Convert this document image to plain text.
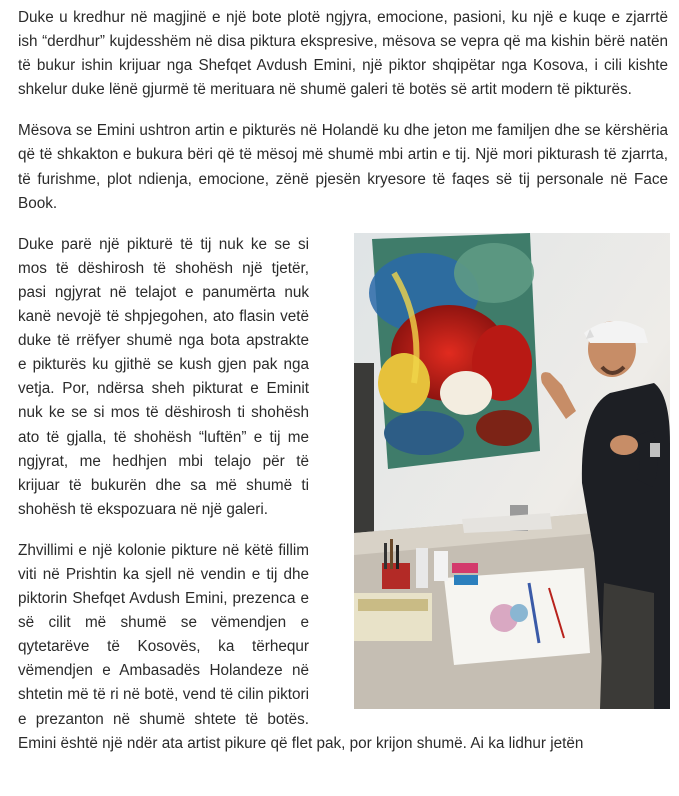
Duke u kredhur në magjinë e një bote plotë ngjyra, emocione, pasioni, ku një e kuqe e zjarrtë ish “derdhur” kujdesshëm në disa piktura ekspresive, mësova se vepra që ma kishin bërë natën të bukur ishin krijuar nga Shefqet Avdush Emini, një piktor shqipëtar nga Kosova, i cili kishte shkelur duke lënë gjurmë të merituara në shumë galeri të botës së artit modern të pikturës.

Mësova se Emini ushtron artin e pikturës në Holandë ku dhe jeton me familjen dhe se kërshëria që të shkakton e bukura bëri që të mësoj më shumë mbi artin e tij. Një mori pikturash të zjarrta, të furishme, plot ndienja, emocione, zënë pjesën kryesore të faqes së tij personale në Face Book.

Duke parë një pikturë të tij nuk ke se si mos të dëshirosh të shohësh një tjetër, pasi ngjyrat në telajot e panumërta nuk kanë nevojë të shpjegohen, ato flasin vetë duke të rrëfyer shumë nga bota apstrakte e pikturës ku gjithë se kush gjen pak nga vetja. Por, ndërsa sheh pikturat e Eminit nuk ke se si mos të dëshirosh ti shohësh ato të gjalla, të shohësh “luftën” e tij me ngjyrat, me hedhjen mbi telajo për të krijuar të bukurën dhe sa më shumë ti shohësh të ekspozuara në një galeri.

Zhvillimi e një kolonie pikture në këtë fillim viti në Prishtin ka sjell në vendin e tij dhe piktorin Shefqet Avdush Emini, prezenca e së cilit më shumë se vëmendjen e qytetarëve të Kosovës, ka tërhequr vëmendjen e Ambasadës Holandeze në shtetin më të ri në botë, vend të cilin piktori e prezanton në shumë shtete të botës. Emini është një ndër ata artist pikure që flet pak, por krijon shumë. Ai ka lidhur jetën
